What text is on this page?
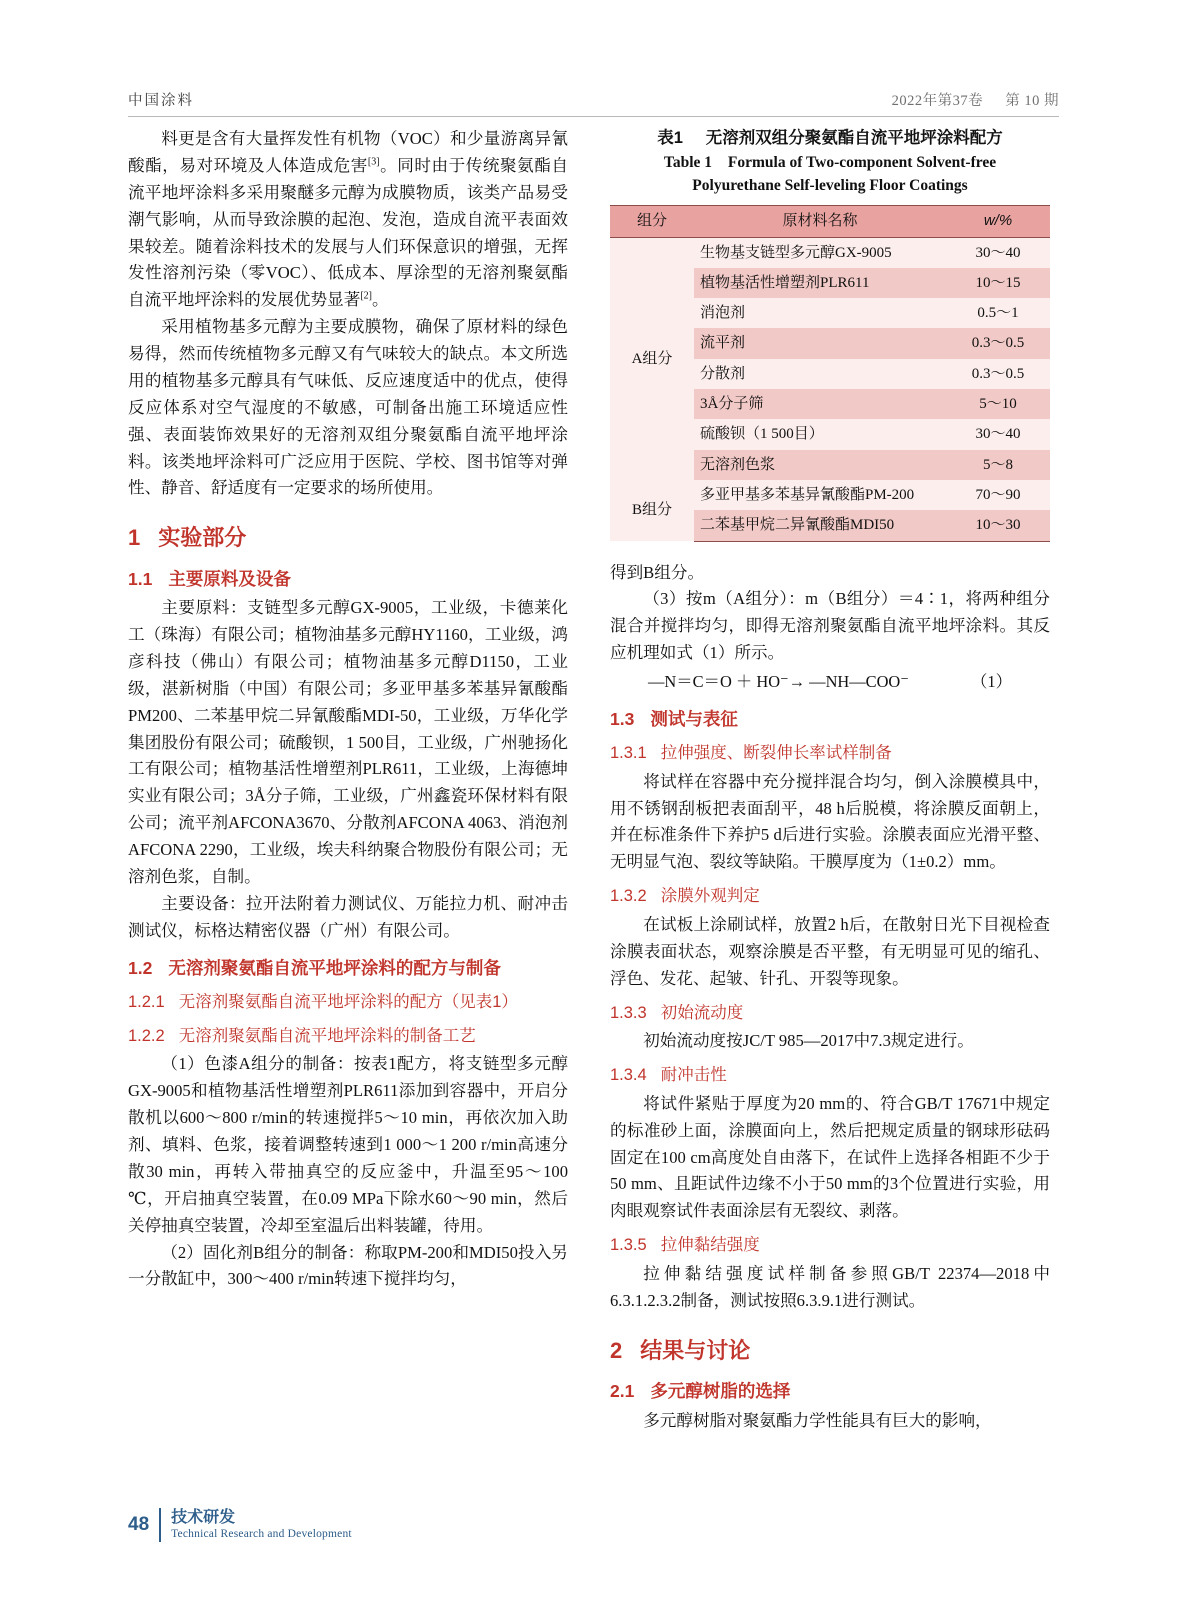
中国涂料	2022年第37卷 第 10 期

料更是含有大量挥发性有机物（VOC）和少量游离异氰酸酯，易对环境及人体造成危害[3]。同时由于传统聚氨酯自流平地坪涂料多采用聚醚多元醇为成膜物质，该类产品易受潮气影响，从而导致涂膜的起泡、发泡，造成自流平表面效果较差。随着涂料技术的发展与人们环保意识的增强，无挥发性溶剂污染（零VOC）、低成本、厚涂型的无溶剂聚氨酯自流平地坪涂料的发展优势显著[2]。

采用植物基多元醇为主要成膜物，确保了原材料的绿色易得，然而传统植物多元醇又有气味较大的缺点。本文所选用的植物基多元醇具有气味低、反应速度适中的优点，使得反应体系对空气湿度的不敏感，可制备出施工环境适应性强、表面装饰效果好的无溶剂双组分聚氨酯自流平地坪涂料。该类地坪涂料可广泛应用于医院、学校、图书馆等对弹性、静音、舒适度有一定要求的场所使用。

1 实验部分
1.1 主要原料及设备

主要原料：支链型多元醇GX-9005，工业级，卡德莱化工（珠海）有限公司；植物油基多元醇HY1160，工业级，鸿彦科技（佛山）有限公司；植物油基多元醇D1150，工业级，湛新树脂（中国）有限公司；多亚甲基多苯基异氰酸酯PM200、二苯基甲烷二异氰酸酯MDI-50，工业级，万华化学集团股份有限公司；硫酸钡，1 500目，工业级，广州驰扬化工有限公司；植物基活性增塑剂PLR611，工业级，上海德坤实业有限公司；3Å分子筛，工业级，广州鑫瓷环保材料有限公司；流平剂AFCONA3670、分散剂AFCONA 4063、消泡剂AFCONA 2290，工业级，埃夫科纳聚合物股份有限公司；无溶剂色浆，自制。

主要设备：拉开法附着力测试仪、万能拉力机、耐冲击测试仪，标格达精密仪器（广州）有限公司。

1.2 无溶剂聚氨酯自流平地坪涂料的配方与制备
1.2.1 无溶剂聚氨酯自流平地坪涂料的配方（见表1）
1.2.2 无溶剂聚氨酯自流平地坪涂料的制备工艺

（1）色漆A组分的制备：按表1配方，将支链型多元醇GX-9005和植物基活性增塑剂PLR611添加到容器中，开启分散机以600～800 r/min的转速搅拌5～10 min，再依次加入助剂、填料、色浆，接着调整转速到1 000～1 200 r/min高速分散30 min，再转入带抽真空的反应釜中，升温至95～100 ℃，开启抽真空装置，在0.09 MPa下除水60～90 min，然后关停抽真空装置，冷却至室温后出料装罐，待用。

（2）固化剂B组分的制备：称取PM-200和MDI50投入另一分散缸中，300～400 r/min转速下搅拌均匀，

表1 无溶剂双组分聚氨酯自流平地坪涂料配方
Table 1 Formula of Two-component Solvent-free
Polyurethane Self-leveling Floor Coatings
组分	原材料名称	w/%
A组分	生物基支链型多元醇GX-9005	30～40
	植物基活性增塑剂PLR611	10～15
	消泡剂	0.5～1
	流平剂	0.3～0.5
	分散剂	0.3～0.5
	3Å分子筛	5～10
	硫酸钡（1 500目）	30～40
	无溶剂色浆	5～8
B组分	多亚甲基多苯基异氰酸酯PM-200	70～90
	二苯基甲烷二异氰酸酯MDI50	10～30

得到B组分。

（3）按m（A组分）：m（B组分）＝4∶1，将两种组分混合并搅拌均匀，即得无溶剂聚氨酯自流平地坪涂料。其反应机理如式（1）所示。

—N＝C＝O ＋ HO⁻→ —NH—COO⁻	（1）

1.3 测试与表征
1.3.1 拉伸强度、断裂伸长率试样制备

将试样在容器中充分搅拌混合均匀，倒入涂膜模具中，用不锈钢刮板把表面刮平，48 h后脱模，将涂膜反面朝上，并在标准条件下养护5 d后进行实验。涂膜表面应光滑平整、无明显气泡、裂纹等缺陷。干膜厚度为（1±0.2）mm。

1.3.2 涂膜外观判定

在试板上涂刷试样，放置2 h后，在散射日光下目视检查涂膜表面状态，观察涂膜是否平整，有无明显可见的缩孔、浮色、发花、起皱、针孔、开裂等现象。

1.3.3 初始流动度

初始流动度按JC/T 985—2017中7.3规定进行。

1.3.4 耐冲击性

将试件紧贴于厚度为20 mm的、符合GB/T 17671中规定的标准砂上面，涂膜面向上，然后把规定质量的钢球形砝码固定在100 cm高度处自由落下，在试件上选择各相距不少于50 mm、且距试件边缘不小于50 mm的3个位置进行实验，用肉眼观察试件表面涂层有无裂纹、剥落。

1.3.5 拉伸黏结强度

拉伸黏结强度试样制备参照GB/T 22374—2018中6.3.1.2.3.2制备，测试按照6.3.9.1进行测试。

2 结果与讨论
2.1 多元醇树脂的选择

多元醇树脂对聚氨酯力学性能具有巨大的影响，

48 技术研发
Technical Research and Development
